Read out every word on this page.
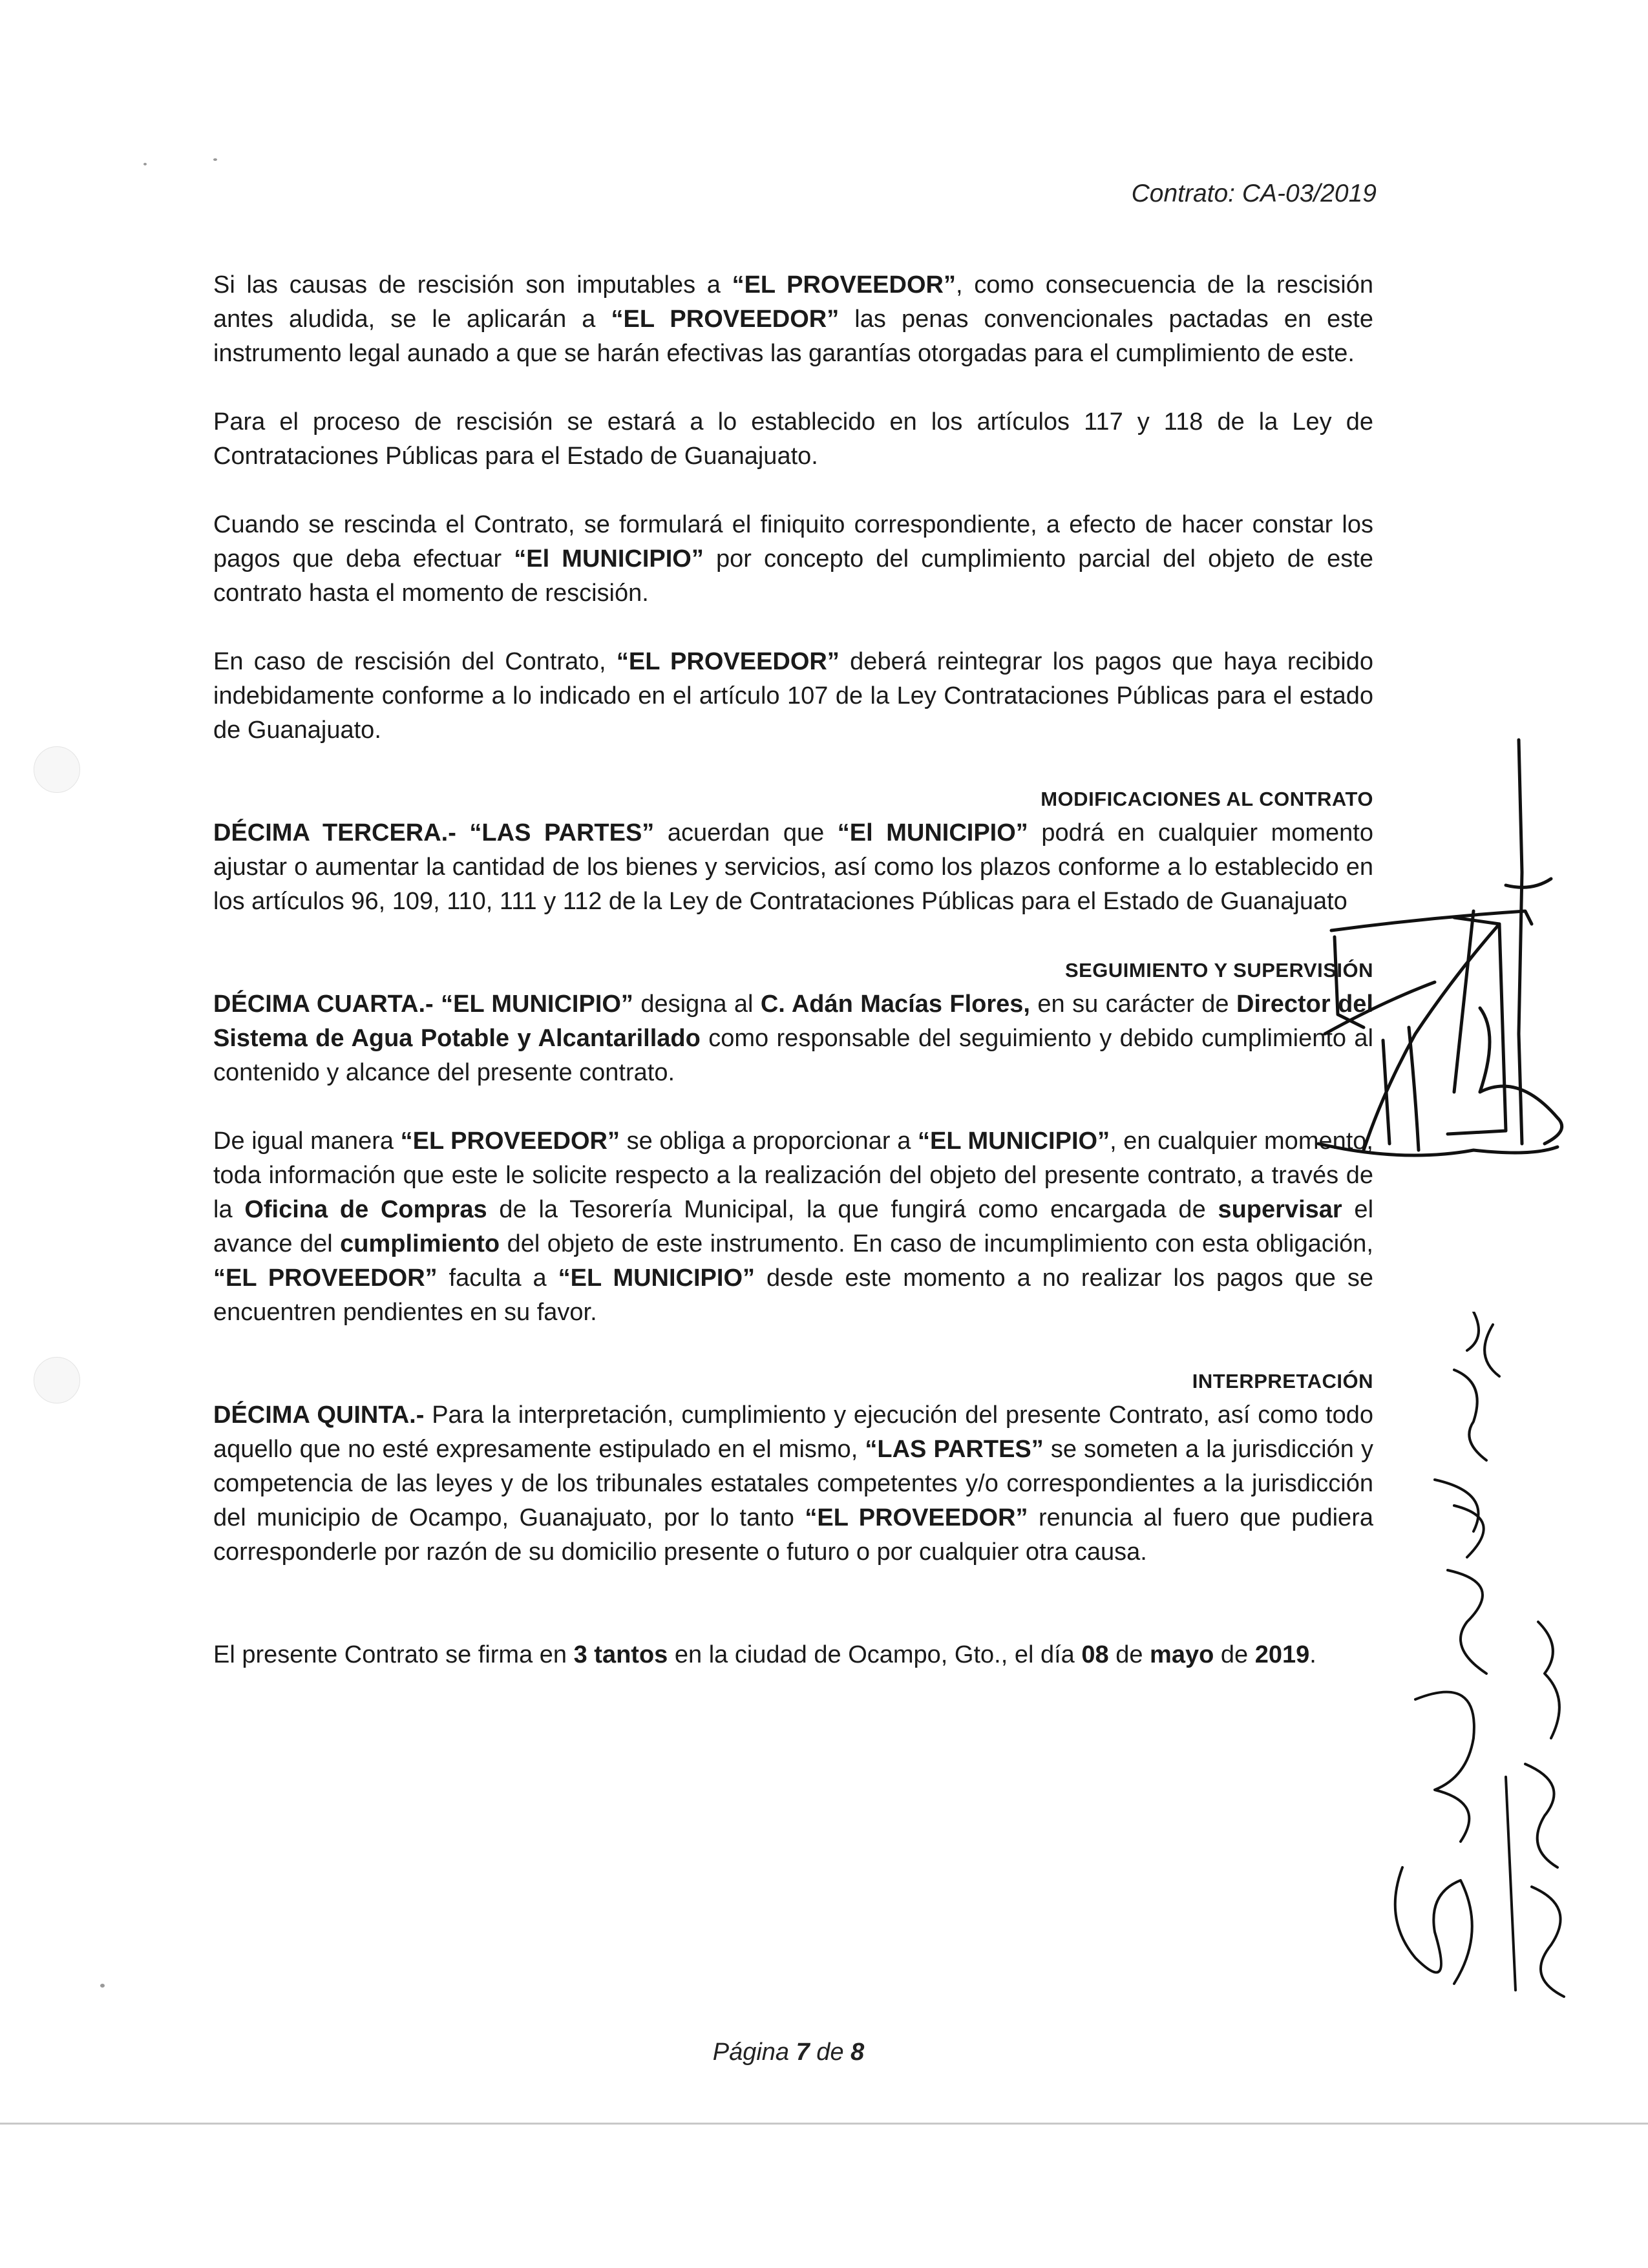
Contrato: CA-03/2019

Si las causas de rescisión son imputables a “EL PROVEEDOR”, como consecuencia de la rescisión antes aludida, se le aplicarán a “EL PROVEEDOR” las penas convencionales pactadas en este instrumento legal aunado a que se harán efectivas las garantías otorgadas para el cumplimiento de este.

Para el proceso de rescisión se estará a lo establecido en los artículos 117 y 118 de la Ley de Contrataciones Públicas para el Estado de Guanajuato.

Cuando se rescinda el Contrato, se formulará el finiquito correspondiente, a efecto de hacer constar los pagos que deba efectuar “El MUNICIPIO” por concepto del cumplimiento parcial del objeto de este contrato hasta el momento de rescisión.

En caso de rescisión del Contrato, “EL PROVEEDOR” deberá reintegrar los pagos que haya recibido indebidamente conforme a lo indicado en el artículo 107 de la Ley Contrataciones Públicas para el estado de Guanajuato.

MODIFICACIONES AL CONTRATO

DÉCIMA TERCERA.- “LAS PARTES” acuerdan que “El MUNICIPIO” podrá en cualquier momento ajustar o aumentar la cantidad de los bienes y servicios, así como los plazos conforme a lo establecido en los artículos 96, 109, 110, 111 y 112 de la Ley de Contrataciones Públicas para el Estado de Guanajuato

SEGUIMIENTO Y SUPERVISIÓN

DÉCIMA CUARTA.- “EL MUNICIPIO” designa al C. Adán Macías Flores, en su carácter de Director del Sistema de Agua Potable y Alcantarillado como responsable del seguimiento y debido cumplimiento al contenido y alcance del presente contrato.

De igual manera “EL PROVEEDOR” se obliga a proporcionar a “EL MUNICIPIO”, en cualquier momento, toda información que este le solicite respecto a la realización del objeto del presente contrato, a través de la Oficina de Compras de la Tesorería Municipal, la que fungirá como encargada de supervisar el avance del cumplimiento del objeto de este instrumento. En caso de incumplimiento con esta obligación, “EL PROVEEDOR” faculta a “EL MUNICIPIO” desde este momento a no realizar los pagos que se encuentren pendientes en su favor.

INTERPRETACIÓN

DÉCIMA QUINTA.- Para la interpretación, cumplimiento y ejecución del presente Contrato, así como todo aquello que no esté expresamente estipulado en el mismo, “LAS PARTES” se someten a la jurisdicción y competencia de las leyes y de los tribunales estatales competentes y/o correspondientes a la jurisdicción del municipio de Ocampo, Guanajuato, por lo tanto “EL PROVEEDOR” renuncia al fuero que pudiera corresponderle por razón de su domicilio presente o futuro o por cualquier otra causa.

El presente Contrato se firma en 3 tantos en la ciudad de Ocampo, Gto., el día 08 de mayo de 2019.

Página 7 de 8
